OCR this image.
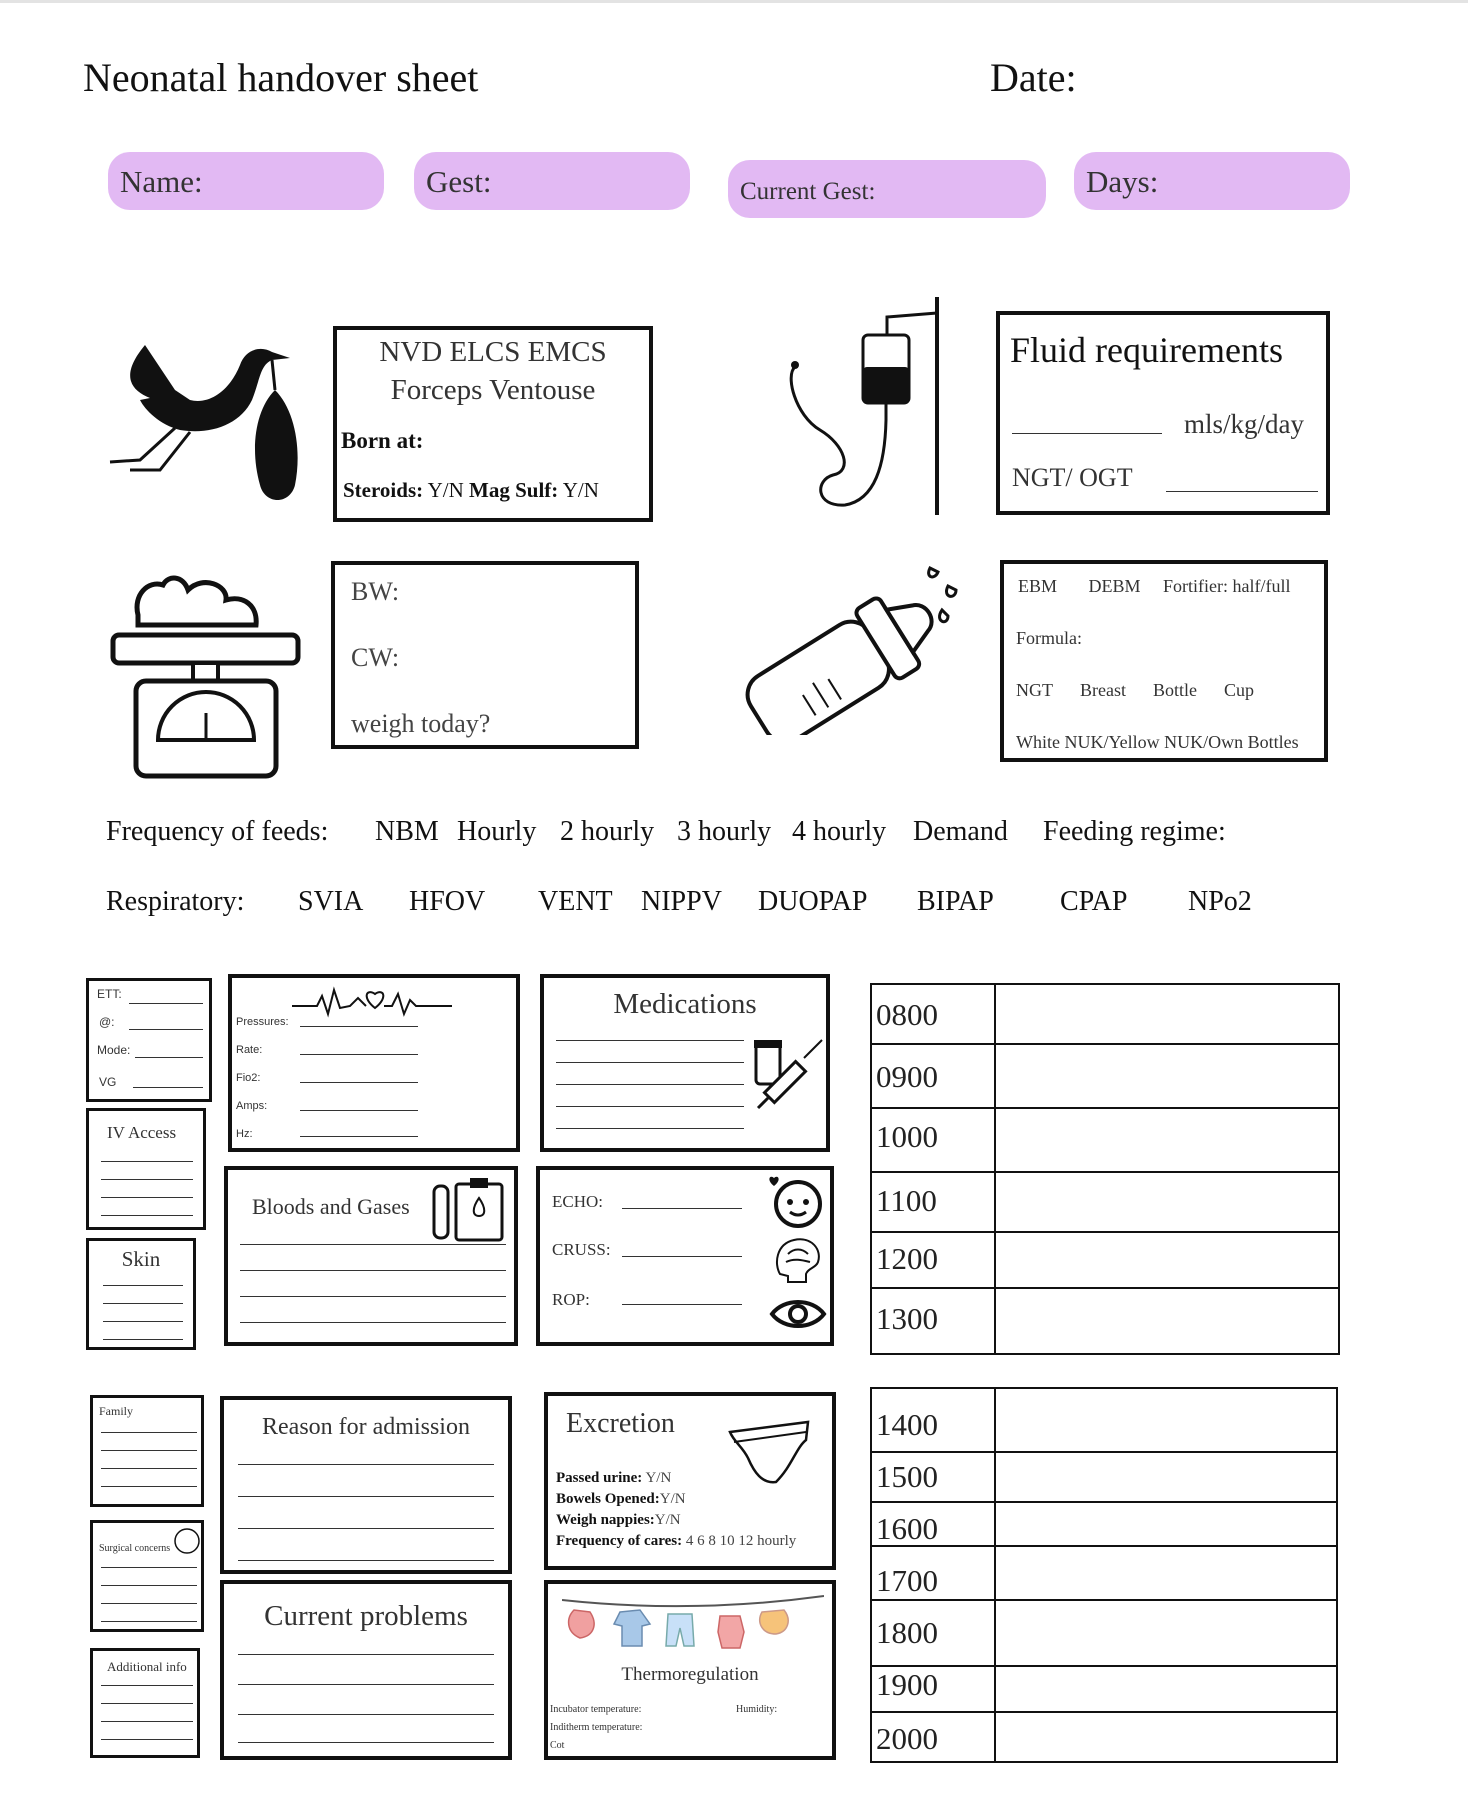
Neonatal handover sheet	Date:
Name:	Gest:	Current Gest:	Days:
NVD ELCS EMCS
Forceps Ventouse
Born at:
Steroids: Y/N Mag Sulf: Y/N
Fluid requirements
mls/kg/day
NGT/ OGT
BW:
CW:
weigh today?
EBM DEBM Fortifier: half/full
Formula:
NGT Breast Bottle Cup
White NUK/Yellow NUK/Own Bottles
Frequency of feeds: NBM Hourly 2 hourly 3 hourly 4 hourly Demand Feeding regime:
Respiratory: SVIA HFOV VENT NIPPV DUOPAP BIPAP CPAP NPo2
ETT:
@:
Mode:
VG
Pressures:
Rate:
Fio2:
Amps:
Hz:
Medications
IV Access
Skin
Bloods and Gases	ECHO:
CRUSS:
ROP:
0800
0900
1000
1100
1200
1300
Family
Surgical concerns
Additional info
Reason for admission
Current problems
Excretion
Passed urine: Y/N
Bowels Opened:Y/N
Weigh nappies:Y/N
Frequency of cares: 4 6 8 10 12 hourly
Thermoregulation
Incubator temperature:	Humidity:
Inditherm temperature:
Cot
1400
1500
1600
1700
1800
1900
2000
